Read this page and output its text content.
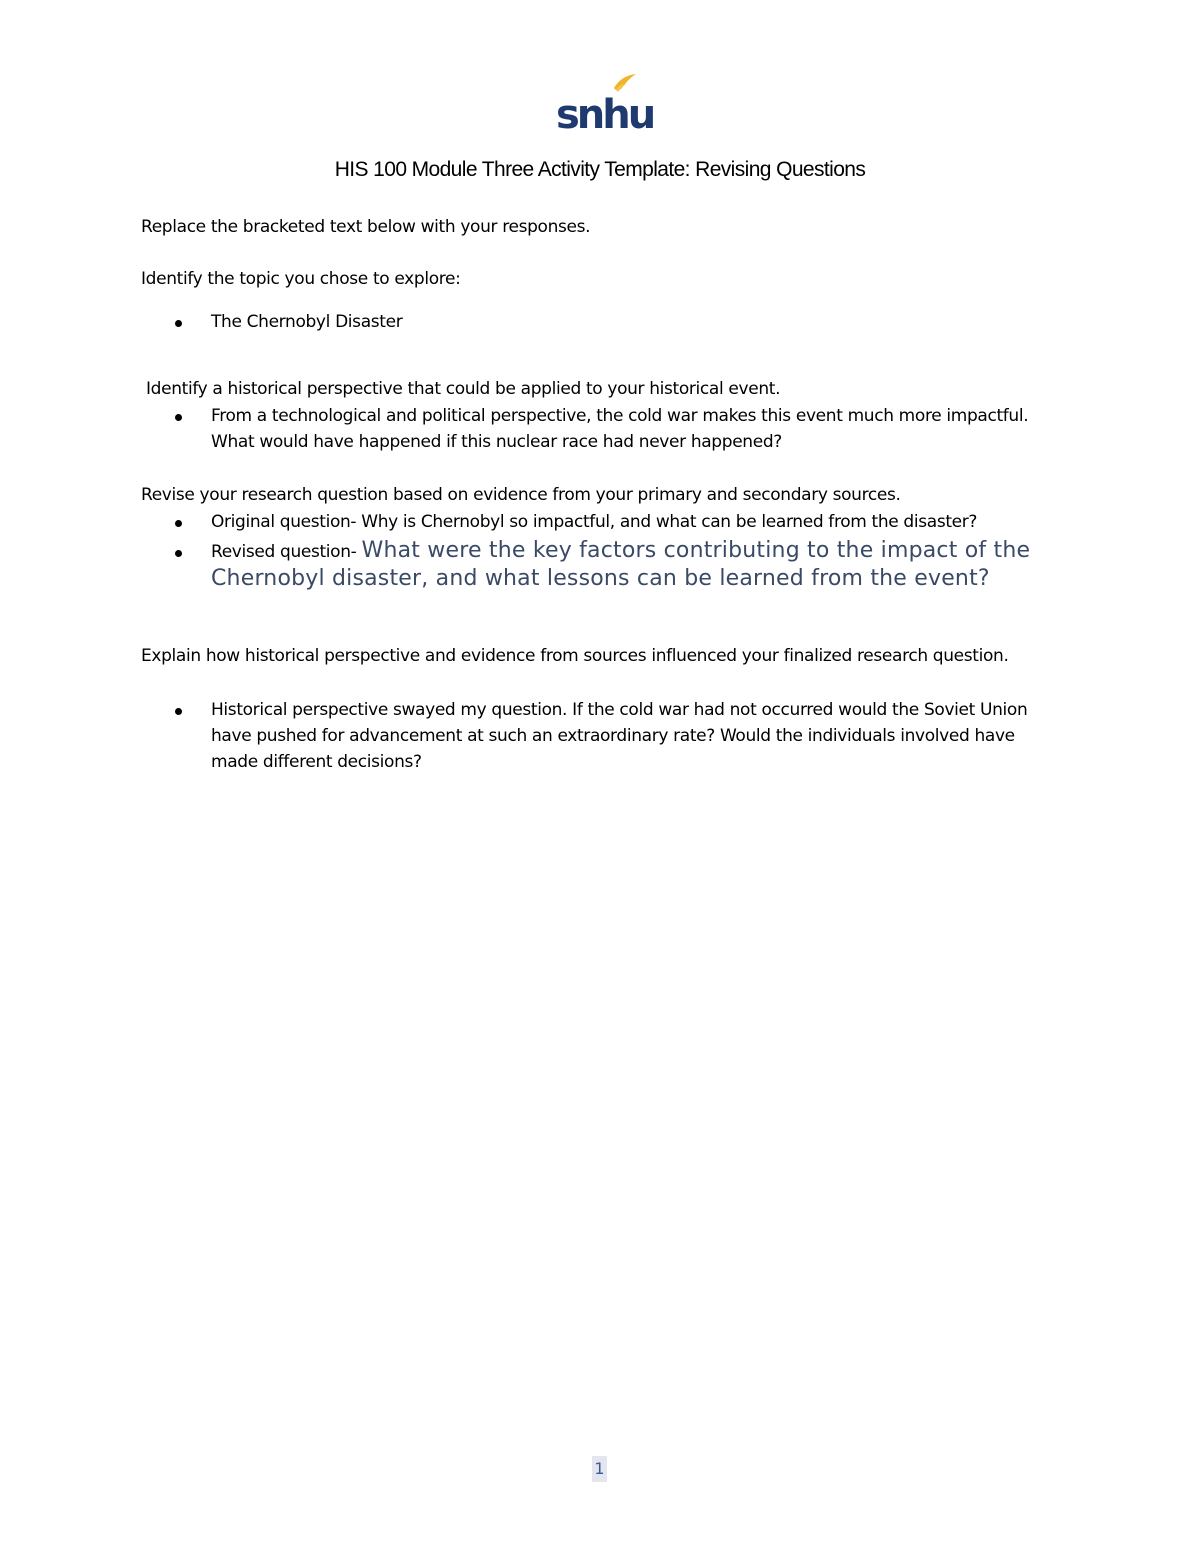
snhu
HIS 100 Module Three Activity Template: Revising Questions
Replace the bracketed text below with your responses.
Identify the topic you chose to explore:
The Chernobyl Disaster
Identify a historical perspective that could be applied to your historical event.
From a technological and political perspective, the cold war makes this event much more impactful. What would have happened if this nuclear race had never happened?
Revise your research question based on evidence from your primary and secondary sources.
Original question- Why is Chernobyl so impactful, and what can be learned from the disaster?
Revised question- What were the key factors contributing to the impact of the Chernobyl disaster, and what lessons can be learned from the event?
Explain how historical perspective and evidence from sources influenced your finalized research question.
Historical perspective swayed my question. If the cold war had not occurred would the Soviet Union have pushed for advancement at such an extraordinary rate? Would the individuals involved have made different decisions?
1
